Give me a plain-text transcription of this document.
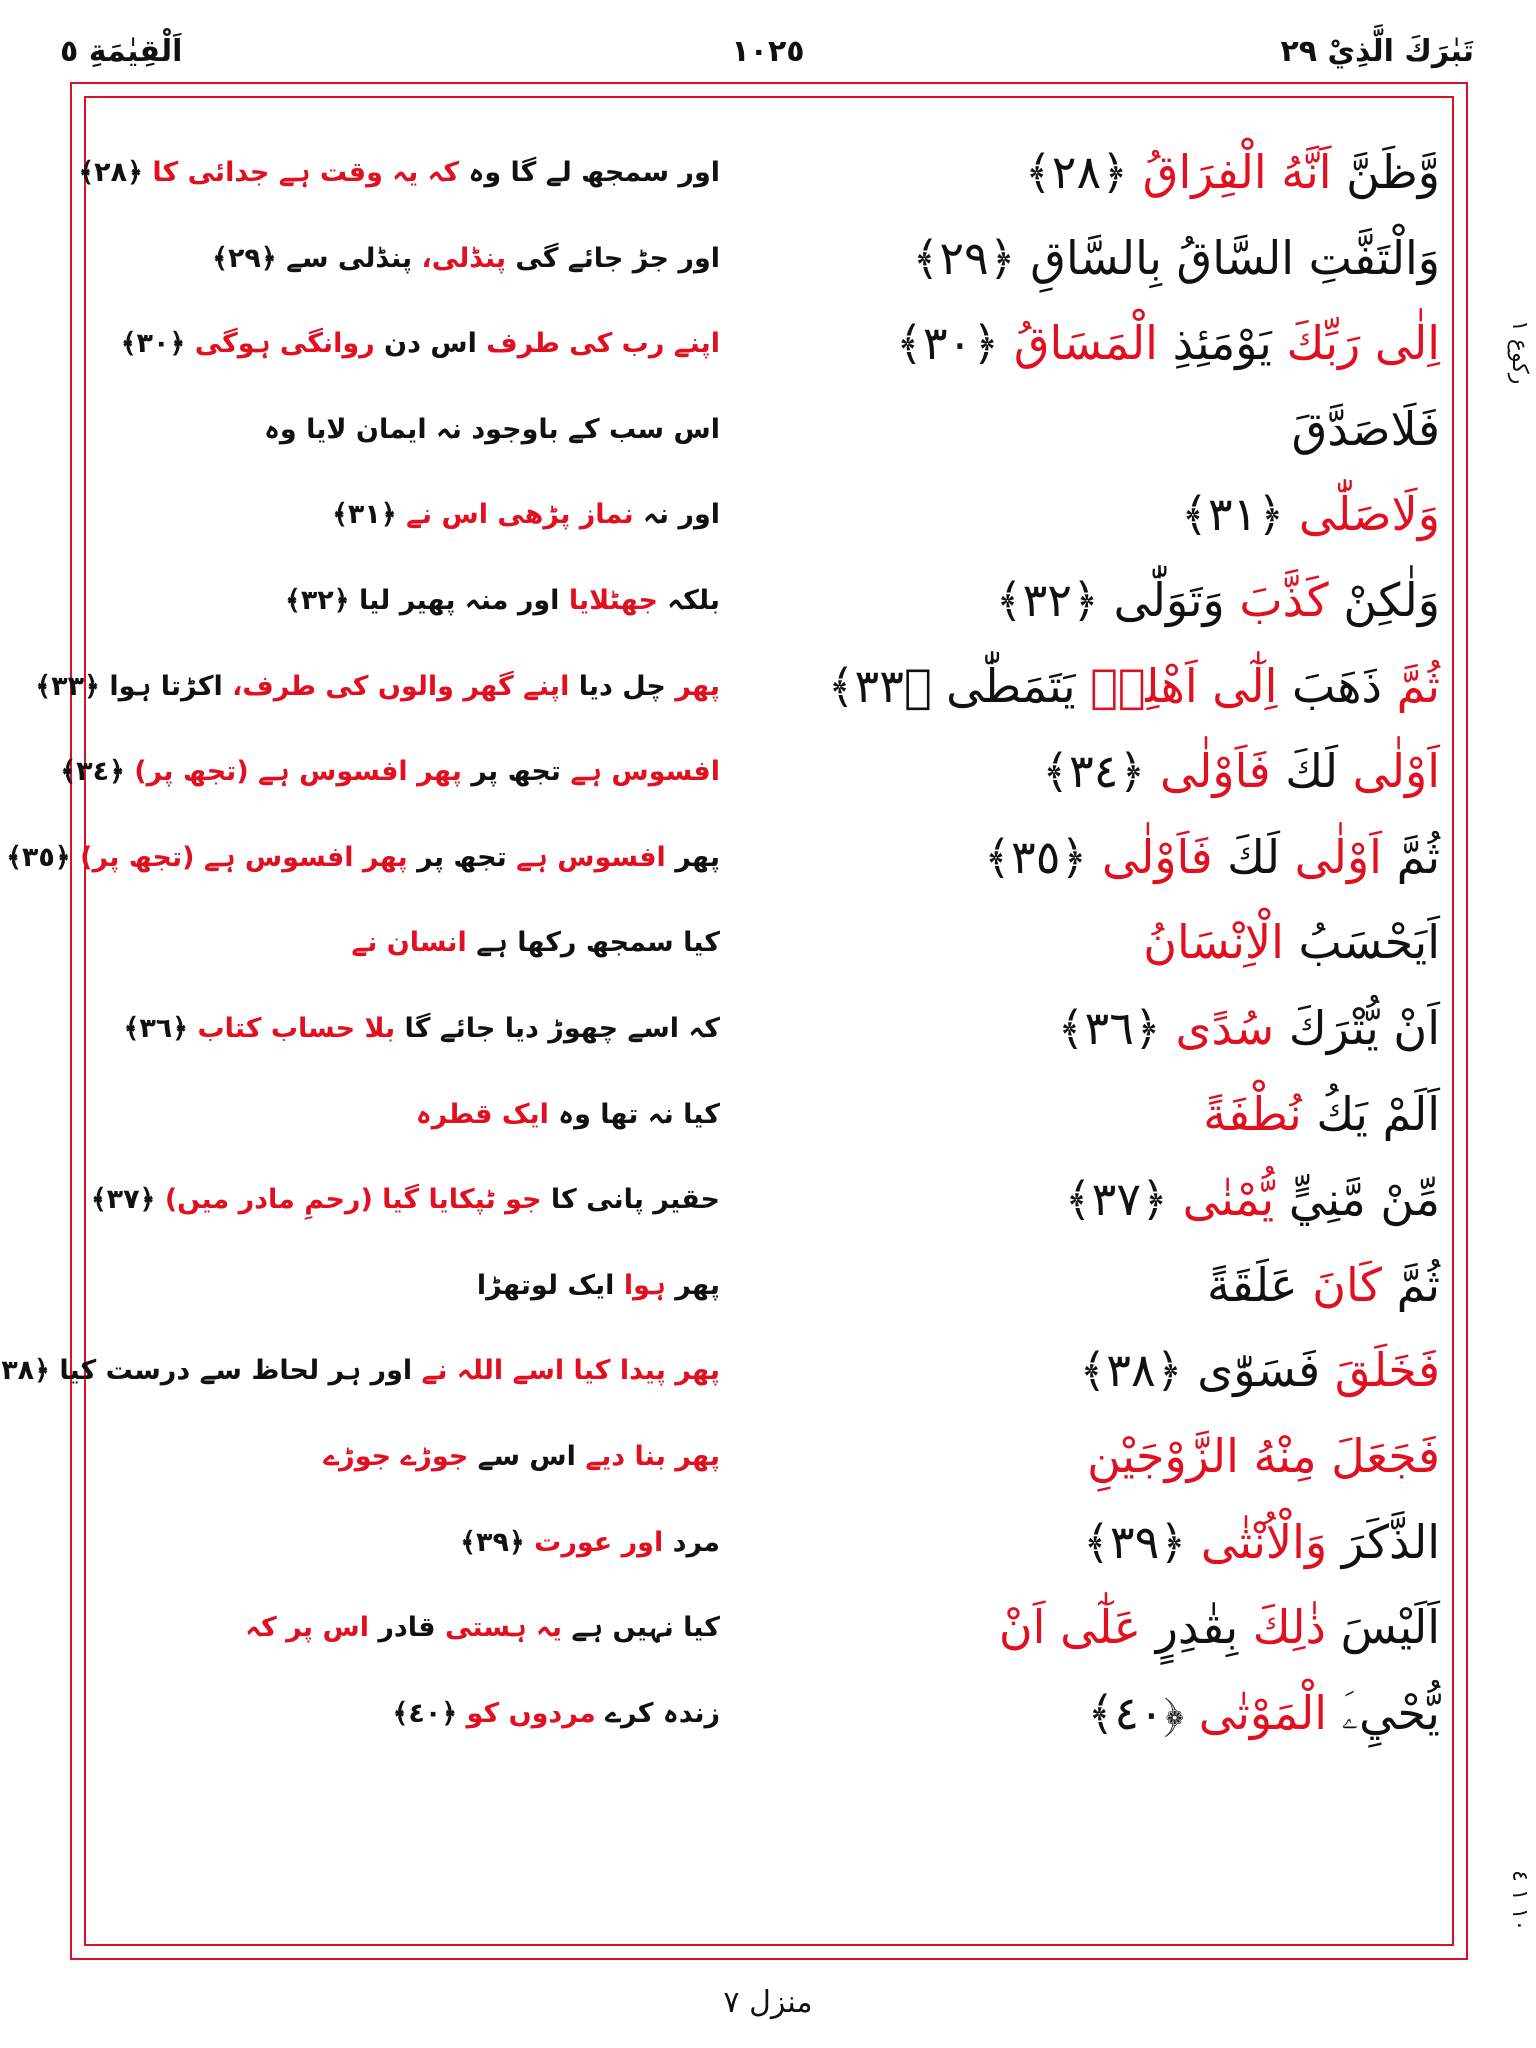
اَلْقِيٰمَةِ ٥	١٠٢٥	تَبٰرَكَ الَّذِيْ ٢٩
ركوع ١
١٠ ١ ٤
وَّظَنَّ اَنَّهُ الْفِرَاقُ ﴿٢٨﴾
اور سمجھ لے گا وہ کہ یہ وقت ہے جدائی کا ﴿٢٨﴾
وَالْتَفَّتِ السَّاقُ بِالسَّاقِ ﴿٢٩﴾
اور جڑ جائے گی پنڈلی، پنڈلی سے ﴿٢٩﴾
اِلٰى رَبِّكَ يَوْمَئِذِ الْمَسَاقُ ﴿٣٠﴾
اپنے رب کی طرف اس دن روانگی ہوگی ﴿٣٠﴾
فَلَاصَدَّقَ
اس سب کے باوجود نہ ایمان لایا وہ
وَلَاصَلّٰى ﴿٣١﴾
اور نہ نماز پڑھی اس نے ﴿٣١﴾
وَلٰكِنْ كَذَّبَ وَتَوَلّٰى ﴿٣٢﴾
بلکہ جھٹلایا اور منہ پھیر لیا ﴿٣٢﴾
ثُمَّ ذَهَبَ اِلٰٓى اَهْلِهٖ يَتَمَطّٰى ﴿٣٣﴾
پھر چل دیا اپنے گھر والوں کی طرف، اکڑتا ہوا ﴿٣٣﴾
اَوْلٰى لَكَ فَاَوْلٰى ﴿٣٤﴾
افسوس ہے تجھ پر پھر افسوس ہے (تجھ پر) ﴿٣٤﴾
ثُمَّ اَوْلٰى لَكَ فَاَوْلٰى ﴿٣٥﴾
پھر افسوس ہے تجھ پر پھر افسوس ہے (تجھ پر) ﴿٣٥﴾
اَيَحْسَبُ الْاِنْسَانُ
کیا سمجھ رکھا ہے انسان نے
اَنْ يُّتْرَكَ سُدًى ﴿٣٦﴾
کہ اسے چھوڑ دیا جائے گا بلا حساب کتاب ﴿٣٦﴾
اَلَمْ يَكُ نُطْفَةً
کیا نہ تھا وہ ایک قطرہ
مِّنْ مَّنِيٍّ يُّمْنٰى ﴿٣٧﴾
حقیر پانی کا جو ٹپکایا گیا (رحمِ مادر میں) ﴿٣٧﴾
ثُمَّ كَانَ عَلَقَةً
پھر ہوا ایک لوتھڑا
فَخَلَقَ فَسَوّٰى ﴿٣٨﴾
پھر پیدا کیا اسے اللہ نے اور ہر لحاظ سے درست کیا ﴿٣٨
فَجَعَلَ مِنْهُ الزَّوْجَيْنِ
پھر بنا دیے اس سے جوڑے جوڑے
الذَّكَرَ وَالْاُنْثٰى ﴿٣٩﴾
مرد اور عورت ﴿٣٩﴾
اَلَيْسَ ذٰلِكَ بِقٰدِرٍ عَلٰٓى اَنْ
کیا نہیں ہے یہ ہستی قادر اس پر کہ
يُّحْيِۦَ الْمَوْتٰى ﴿٤٠﴾
زندہ کرے مردوں کو ﴿٤٠﴾
منزل ۷
